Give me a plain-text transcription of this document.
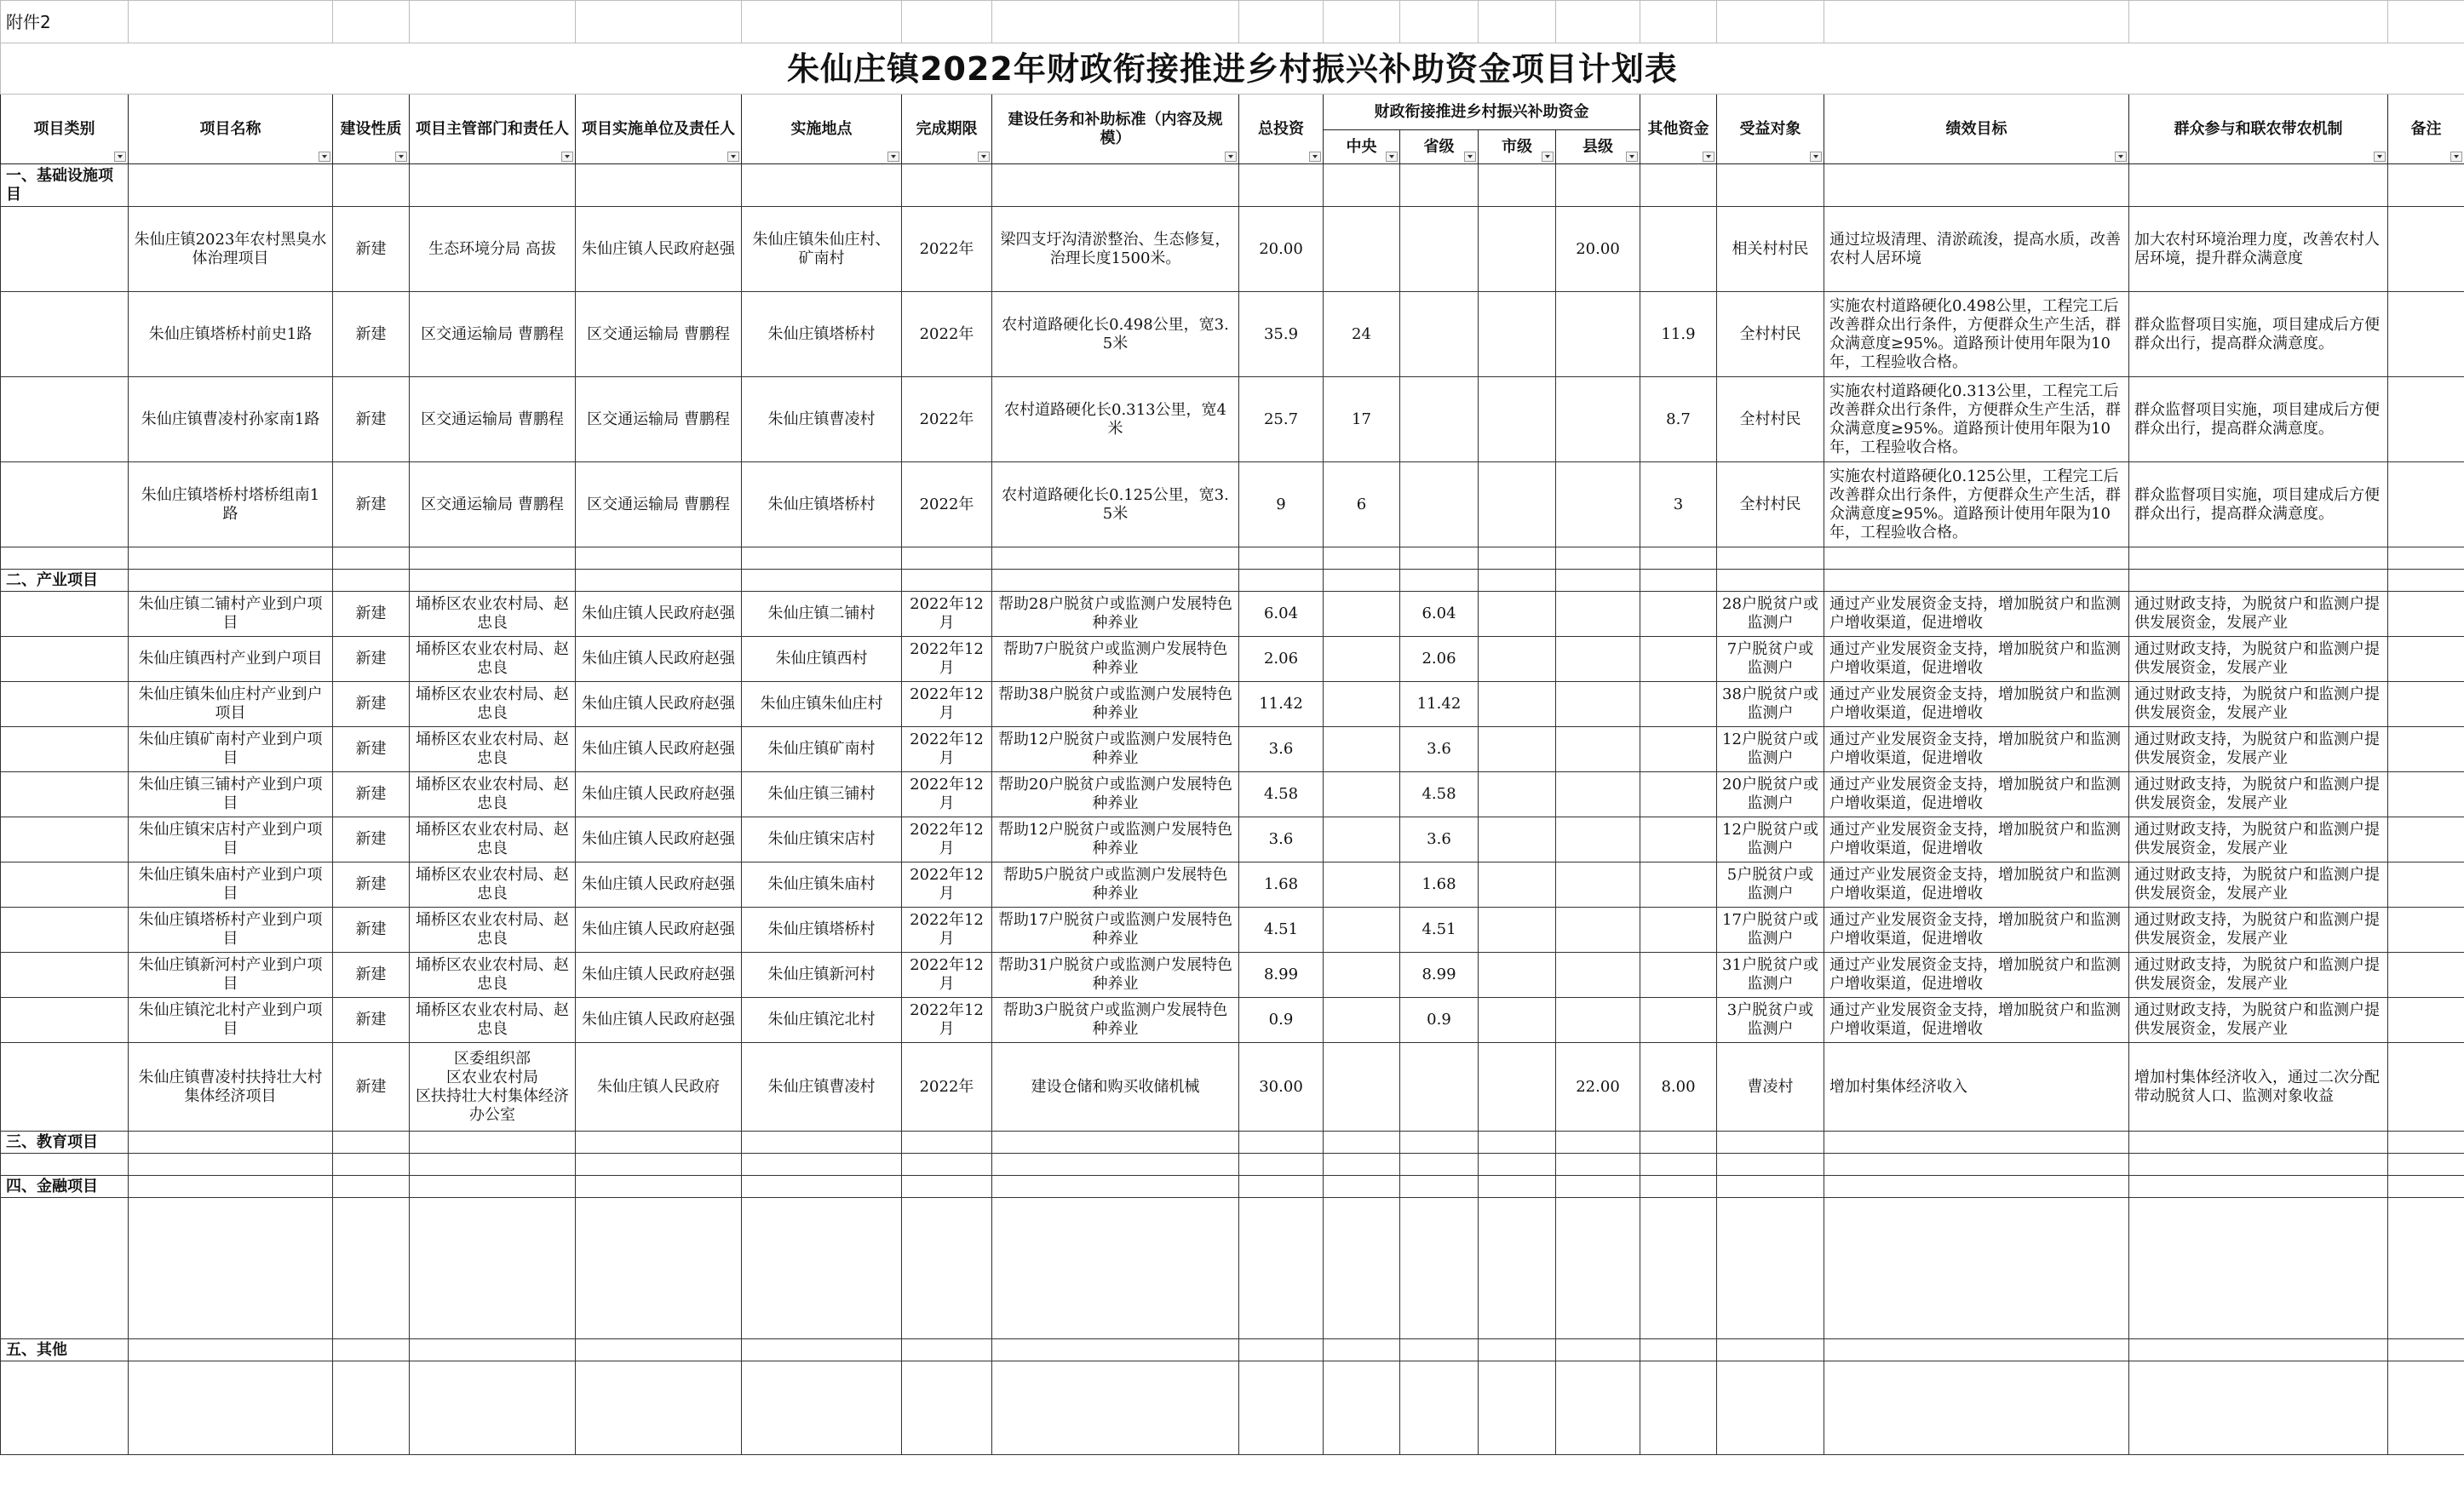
附件2																	
朱仙庄镇2022年财政衔接推进乡村振兴补助资金项目计划表																	
项目类别	项目名称	建设性质	项目主管部门和责任人	项目实施单位及责任人	实施地点	完成期限	建设任务和补助标准（内容及规模）	总投资	财政衔接推进乡村振兴补助资金				其他资金	受益对象	绩效目标	群众参与和联农带农机制	备注

									中央	省级	市级	县级					

一、基础设施项目																	
	朱仙庄镇2023年农村黑臭水体治理项目	新建	生态环境分局 高拔	朱仙庄镇人民政府赵强	朱仙庄镇朱仙庄村、矿南村	2022年	梁四支圩沟清淤整治、生态修复，治理长度1500米。	20.00				20.00		相关村村民	通过垃圾清理、清淤疏浚，提高水质，改善农村人居环境	加大农村环境治理力度，改善农村人居环境，提升群众满意度	
	朱仙庄镇塔桥村前史1路	新建	区交通运输局 曹鹏程	区交通运输局 曹鹏程	朱仙庄镇塔桥村	2022年	农村道路硬化长0.498公里，宽3.5米	35.9	24				11.9	全村村民	实施农村道路硬化0.498公里，工程完工后改善群众出行条件，方便群众生产生活，群众满意度≥95%。道路预计使用年限为10年，工程验收合格。	群众监督项目实施，项目建成后方便群众出行，提高群众满意度。	
	朱仙庄镇曹凌村孙家南1路	新建	区交通运输局 曹鹏程	区交通运输局 曹鹏程	朱仙庄镇曹凌村	2022年	农村道路硬化长0.313公里，宽4米	25.7	17				8.7	全村村民	实施农村道路硬化0.313公里，工程完工后改善群众出行条件，方便群众生产生活，群众满意度≥95%。道路预计使用年限为10年，工程验收合格。	群众监督项目实施，项目建成后方便群众出行，提高群众满意度。	
	朱仙庄镇塔桥村塔桥组南1路	新建	区交通运输局 曹鹏程	区交通运输局 曹鹏程	朱仙庄镇塔桥村	2022年	农村道路硬化长0.125公里，宽3.5米	9	6				3	全村村民	实施农村道路硬化0.125公里，工程完工后改善群众出行条件，方便群众生产生活，群众满意度≥95%。道路预计使用年限为10年，工程验收合格。	群众监督项目实施，项目建成后方便群众出行，提高群众满意度。	

二、产业项目																	
	朱仙庄镇二铺村产业到户项目	新建	埇桥区农业农村局、赵忠良	朱仙庄镇人民政府赵强	朱仙庄镇二铺村	2022年12月	帮助28户脱贫户或监测户发展特色种养业	6.04		6.04				28户脱贫户或监测户	通过产业发展资金支持，增加脱贫户和监测户增收渠道，促进增收	通过财政支持，为脱贫户和监测户提供发展资金，发展产业	
	朱仙庄镇西村产业到户项目	新建	埇桥区农业农村局、赵忠良	朱仙庄镇人民政府赵强	朱仙庄镇西村	2022年12月	帮助7户脱贫户或监测户发展特色种养业	2.06		2.06				7户脱贫户或监测户	通过产业发展资金支持，增加脱贫户和监测户增收渠道，促进增收	通过财政支持，为脱贫户和监测户提供发展资金，发展产业	
	朱仙庄镇朱仙庄村产业到户项目	新建	埇桥区农业农村局、赵忠良	朱仙庄镇人民政府赵强	朱仙庄镇朱仙庄村	2022年12月	帮助38户脱贫户或监测户发展特色种养业	11.42		11.42				38户脱贫户或监测户	通过产业发展资金支持，增加脱贫户和监测户增收渠道，促进增收	通过财政支持，为脱贫户和监测户提供发展资金，发展产业	
	朱仙庄镇矿南村产业到户项目	新建	埇桥区农业农村局、赵忠良	朱仙庄镇人民政府赵强	朱仙庄镇矿南村	2022年12月	帮助12户脱贫户或监测户发展特色种养业	3.6		3.6				12户脱贫户或监测户	通过产业发展资金支持，增加脱贫户和监测户增收渠道，促进增收	通过财政支持，为脱贫户和监测户提供发展资金，发展产业	
	朱仙庄镇三铺村产业到户项目	新建	埇桥区农业农村局、赵忠良	朱仙庄镇人民政府赵强	朱仙庄镇三铺村	2022年12月	帮助20户脱贫户或监测户发展特色种养业	4.58		4.58				20户脱贫户或监测户	通过产业发展资金支持，增加脱贫户和监测户增收渠道，促进增收	通过财政支持，为脱贫户和监测户提供发展资金，发展产业	
	朱仙庄镇宋店村产业到户项目	新建	埇桥区农业农村局、赵忠良	朱仙庄镇人民政府赵强	朱仙庄镇宋店村	2022年12月	帮助12户脱贫户或监测户发展特色种养业	3.6		3.6				12户脱贫户或监测户	通过产业发展资金支持，增加脱贫户和监测户增收渠道，促进增收	通过财政支持，为脱贫户和监测户提供发展资金，发展产业	
	朱仙庄镇朱庙村产业到户项目	新建	埇桥区农业农村局、赵忠良	朱仙庄镇人民政府赵强	朱仙庄镇朱庙村	2022年12月	帮助5户脱贫户或监测户发展特色种养业	1.68		1.68				5户脱贫户或监测户	通过产业发展资金支持，增加脱贫户和监测户增收渠道，促进增收	通过财政支持，为脱贫户和监测户提供发展资金，发展产业	
	朱仙庄镇塔桥村产业到户项目	新建	埇桥区农业农村局、赵忠良	朱仙庄镇人民政府赵强	朱仙庄镇塔桥村	2022年12月	帮助17户脱贫户或监测户发展特色种养业	4.51		4.51				17户脱贫户或监测户	通过产业发展资金支持，增加脱贫户和监测户增收渠道，促进增收	通过财政支持，为脱贫户和监测户提供发展资金，发展产业	
	朱仙庄镇新河村产业到户项目	新建	埇桥区农业农村局、赵忠良	朱仙庄镇人民政府赵强	朱仙庄镇新河村	2022年12月	帮助31户脱贫户或监测户发展特色种养业	8.99		8.99				31户脱贫户或监测户	通过产业发展资金支持，增加脱贫户和监测户增收渠道，促进增收	通过财政支持，为脱贫户和监测户提供发展资金，发展产业	
	朱仙庄镇沱北村产业到户项目	新建	埇桥区农业农村局、赵忠良	朱仙庄镇人民政府赵强	朱仙庄镇沱北村	2022年12月	帮助3户脱贫户或监测户发展特色种养业	0.9		0.9				3户脱贫户或监测户	通过产业发展资金支持，增加脱贫户和监测户增收渠道，促进增收	通过财政支持，为脱贫户和监测户提供发展资金，发展产业	
	朱仙庄镇曹凌村扶持壮大村集体经济项目	新建	区委组织部
区农业农村局
区扶持壮大村集体经济办公室	朱仙庄镇人民政府	朱仙庄镇曹凌村	2022年	建设仓储和购买收储机械	30.00				22.00	8.00	曹凌村	增加村集体经济收入	增加村集体经济收入，通过二次分配带动脱贫人口、监测对象收益	
三、教育项目																	

四、金融项目																	

五、其他																	
